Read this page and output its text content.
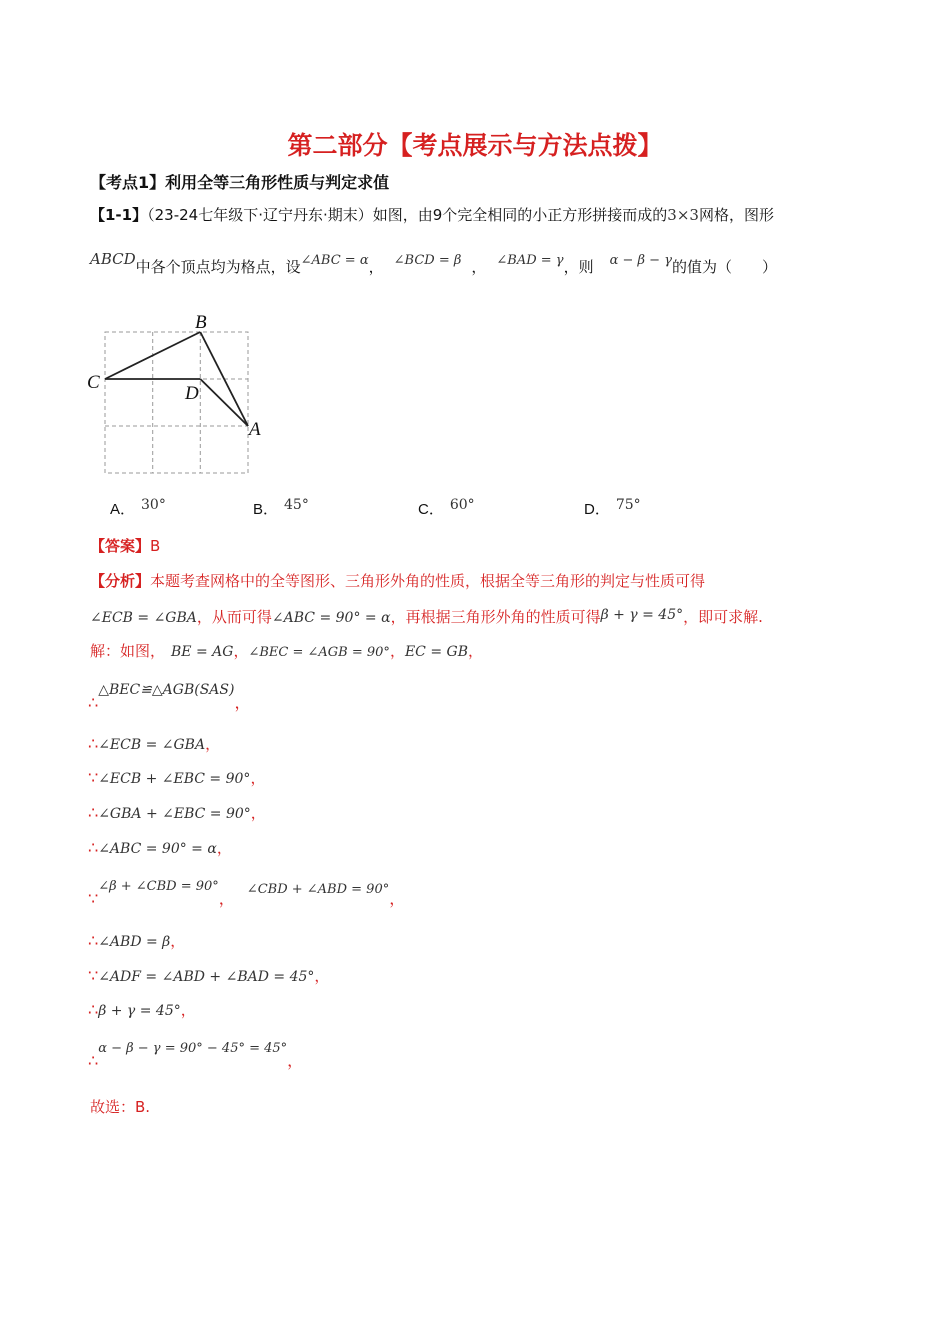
第二部分【考点展示与方法点拨】
【考点1】利用全等三角形性质与判定求值
【1-1】（23-24七年级下·辽宁丹东·期末）如图，由9个完全相同的小正方形拼接而成的3×3网格，图形
ABCD中各个顶点均为格点，设∠ABC = α， ∠BCD = β ， ∠BAD = γ，则 α − β − γ的值为（　　）
B
C
D
A
A． 30°	B． 45°	C． 60°	D． 75°
【答案】B
【分析】本题考查网格中的全等图形、三角形外角的性质，根据全等三角形的判定与性质可得
∠ECB = ∠GBA，从而可得∠ABC = 90° = α，再根据三角形外角的性质可得β + γ = 45°，即可求解.
解：如图， BE = AG，∠BEC = ∠AGB = 90°，EC = GB，
∴△BEC≌△AGB(SAS)，
∴∠ECB = ∠GBA，
∵∠ECB + ∠EBC = 90°，
∴∠GBA + ∠EBC = 90°，
∴∠ABC = 90° = α，
∵∠β + ∠CBD = 90°， ∠CBD + ∠ABD = 90°，
∴∠ABD = β，
∵∠ADF = ∠ABD + ∠BAD = 45°，
∴β + γ = 45°，
∴α − β − γ = 90° − 45° = 45°，
故选：B.
